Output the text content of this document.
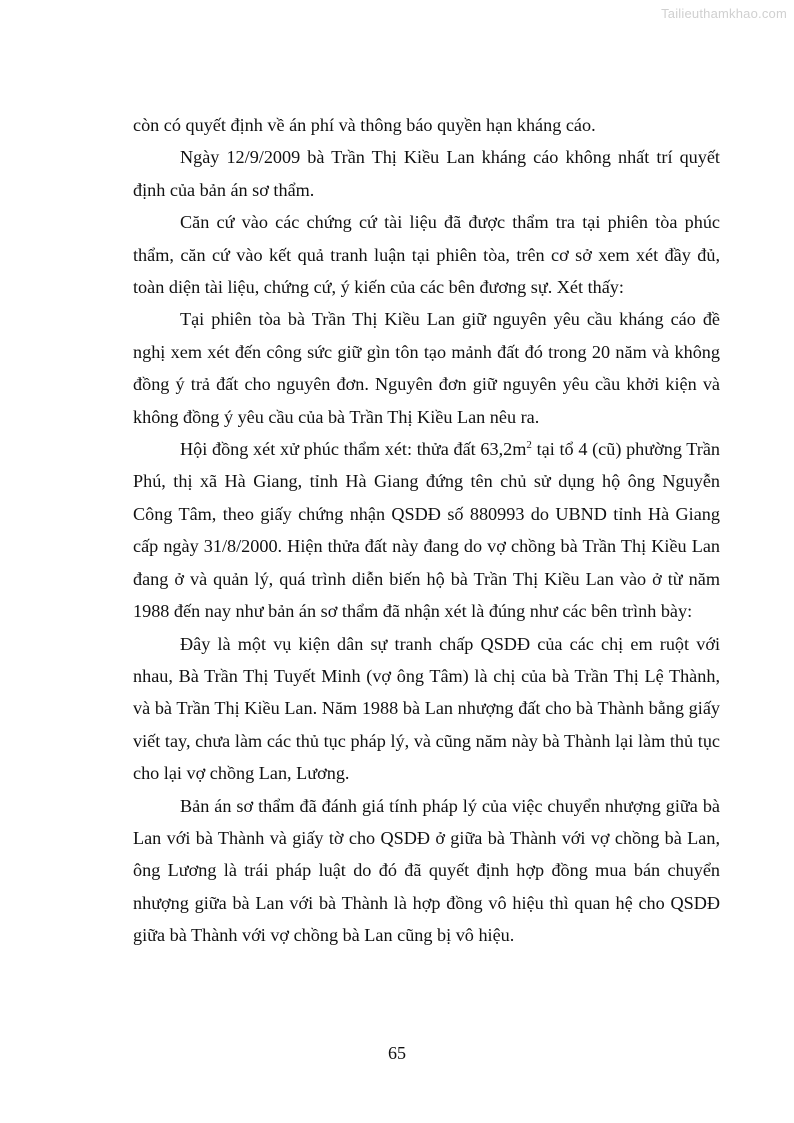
Tailieuthamkhao.com

còn có quyết định về án phí và thông báo quyền hạn kháng cáo.

Ngày 12/9/2009 bà Trần Thị Kiều Lan kháng cáo không nhất trí quyết định của bản án sơ thẩm.

Căn cứ vào các chứng cứ tài liệu đã được thẩm tra tại phiên tòa phúc thẩm, căn cứ vào kết quả tranh luận tại phiên tòa, trên cơ sở xem xét đầy đủ, toàn diện tài liệu, chứng cứ, ý kiến của các bên đương sự. Xét thấy:

Tại phiên tòa bà Trần Thị Kiều Lan giữ nguyên yêu cầu kháng cáo đề nghị xem xét đến công sức giữ gìn tôn tạo mảnh đất đó trong 20 năm và không đồng ý trả đất cho nguyên đơn. Nguyên đơn giữ nguyên yêu cầu khởi kiện và không đồng ý yêu cầu của bà Trần Thị Kiều Lan nêu ra.

Hội đồng xét xử phúc thẩm xét: thửa đất $63,2m^2$ tại tổ 4 (cũ) phường Trần Phú, thị xã Hà Giang, tỉnh Hà Giang đứng tên chủ sử dụng hộ ông Nguyễn Công Tâm, theo giấy chứng nhận QSDĐ số 880993 do UBND tỉnh Hà Giang cấp ngày 31/8/2000. Hiện thửa đất này đang do vợ chồng bà Trần Thị Kiều Lan đang ở và quản lý, quá trình diễn biến hộ bà Trần Thị Kiều Lan vào ở từ năm 1988 đến nay như bản án sơ thẩm đã nhận xét là đúng như các bên trình bày:

Đây là một vụ kiện dân sự tranh chấp QSDĐ của các chị em ruột với nhau, Bà Trần Thị Tuyết Minh (vợ ông Tâm) là chị của bà Trần Thị Lệ Thành, và bà Trần Thị Kiều Lan. Năm 1988 bà Lan nhượng đất cho bà Thành bằng giấy viết tay, chưa làm các thủ tục pháp lý, và cũng năm này bà Thành lại làm thủ tục cho lại vợ chồng Lan, Lương.

Bản án sơ thẩm đã đánh giá tính pháp lý của việc chuyển nhượng giữa bà Lan với bà Thành và giấy tờ cho QSDĐ ở giữa bà Thành với vợ chồng bà Lan, ông Lương là trái pháp luật do đó đã quyết định hợp đồng mua bán chuyển nhượng giữa bà Lan với bà Thành là hợp đồng vô hiệu thì quan hệ cho QSDĐ giữa bà Thành với vợ chồng bà Lan cũng bị vô hiệu.

65
